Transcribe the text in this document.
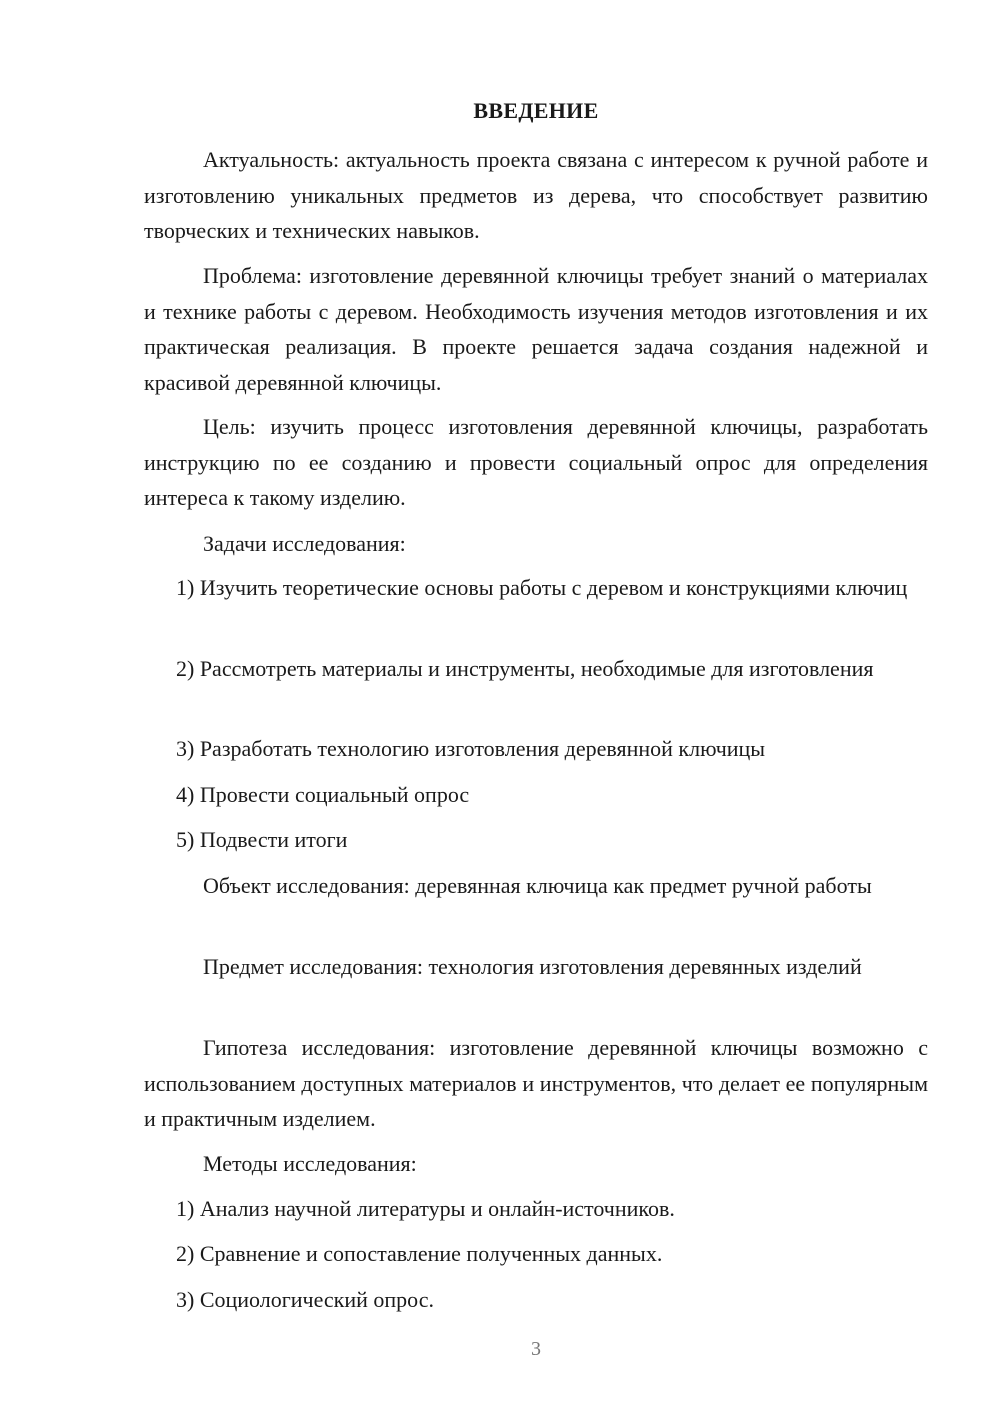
ВВЕДЕНИЕ

Актуальность: актуальность проекта связана с интересом к ручной работе и изготовлению уникальных предметов из дерева, что способствует развитию творческих и технических навыков.

Проблема: изготовление деревянной ключицы требует знаний о материалах и технике работы с деревом. Необходимость изучения методов изготовления и их практическая реализация. В проекте решается задача создания надежной и красивой деревянной ключицы.

Цель: изучить процесс изготовления деревянной ключицы, разработать инструкцию по ее созданию и провести социальный опрос для определения интереса к такому изделию.

Задачи исследования:

1) Изучить теоретические основы работы с деревом и конструкциями ключиц

2) Рассмотреть материалы и инструменты, необходимые для изготовления

3) Разработать технологию изготовления деревянной ключицы

4) Провести социальный опрос

5) Подвести итоги

Объект исследования: деревянная ключица как предмет ручной работы

Предмет исследования: технология изготовления деревянных изделий

Гипотеза исследования: изготовление деревянной ключицы возможно с использованием доступных материалов и инструментов, что делает ее популярным и практичным изделием.

Методы исследования:

1) Анализ научной литературы и онлайн-источников.

2) Сравнение и сопоставление полученных данных.

3) Социологический опрос.

3
